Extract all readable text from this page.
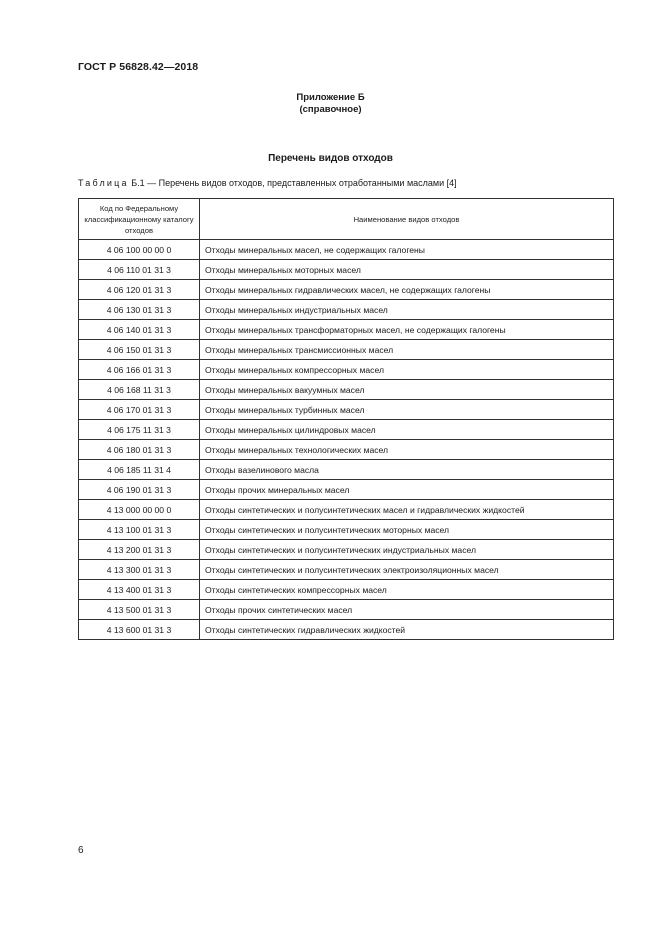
ГОСТ Р 56828.42—2018
Приложение Б
(справочное)
Перечень видов отходов
Таблица Б.1 — Перечень видов отходов, представленных отработанными маслами [4]
Код по Федеральному классификационному каталогу отходов	Наименование видов отходов
4 06 100 00 00 0	Отходы минеральных масел, не содержащих галогены
4 06 110 01 31 3	Отходы минеральных моторных масел
4 06 120 01 31 3	Отходы минеральных гидравлических масел, не содержащих галогены
4 06 130 01 31 3	Отходы минеральных индустриальных масел
4 06 140 01 31 3	Отходы минеральных трансформаторных масел, не содержащих галогены
4 06 150 01 31 3	Отходы минеральных трансмиссионных масел
4 06 166 01 31 3	Отходы минеральных компрессорных масел
4 06 168 11 31 3	Отходы минеральных вакуумных масел
4 06 170 01 31 3	Отходы минеральных турбинных масел
4 06 175 11 31 3	Отходы минеральных цилиндровых масел
4 06 180 01 31 3	Отходы минеральных технологических масел
4 06 185 11 31 4	Отходы вазелинового масла
4 06 190 01 31 3	Отходы прочих минеральных масел
4 13 000 00 00 0	Отходы синтетических и полусинтетических масел и гидравлических жидкостей
4 13 100 01 31 3	Отходы синтетических и полусинтетических моторных масел
4 13 200 01 31 3	Отходы синтетических и полусинтетических индустриальных масел
4 13 300 01 31 3	Отходы синтетических и полусинтетических электроизоляционных масел
4 13 400 01 31 3	Отходы синтетических компрессорных масел
4 13 500 01 31 3	Отходы прочих синтетических масел
4 13 600 01 31 3	Отходы синтетических гидравлических жидкостей
6
